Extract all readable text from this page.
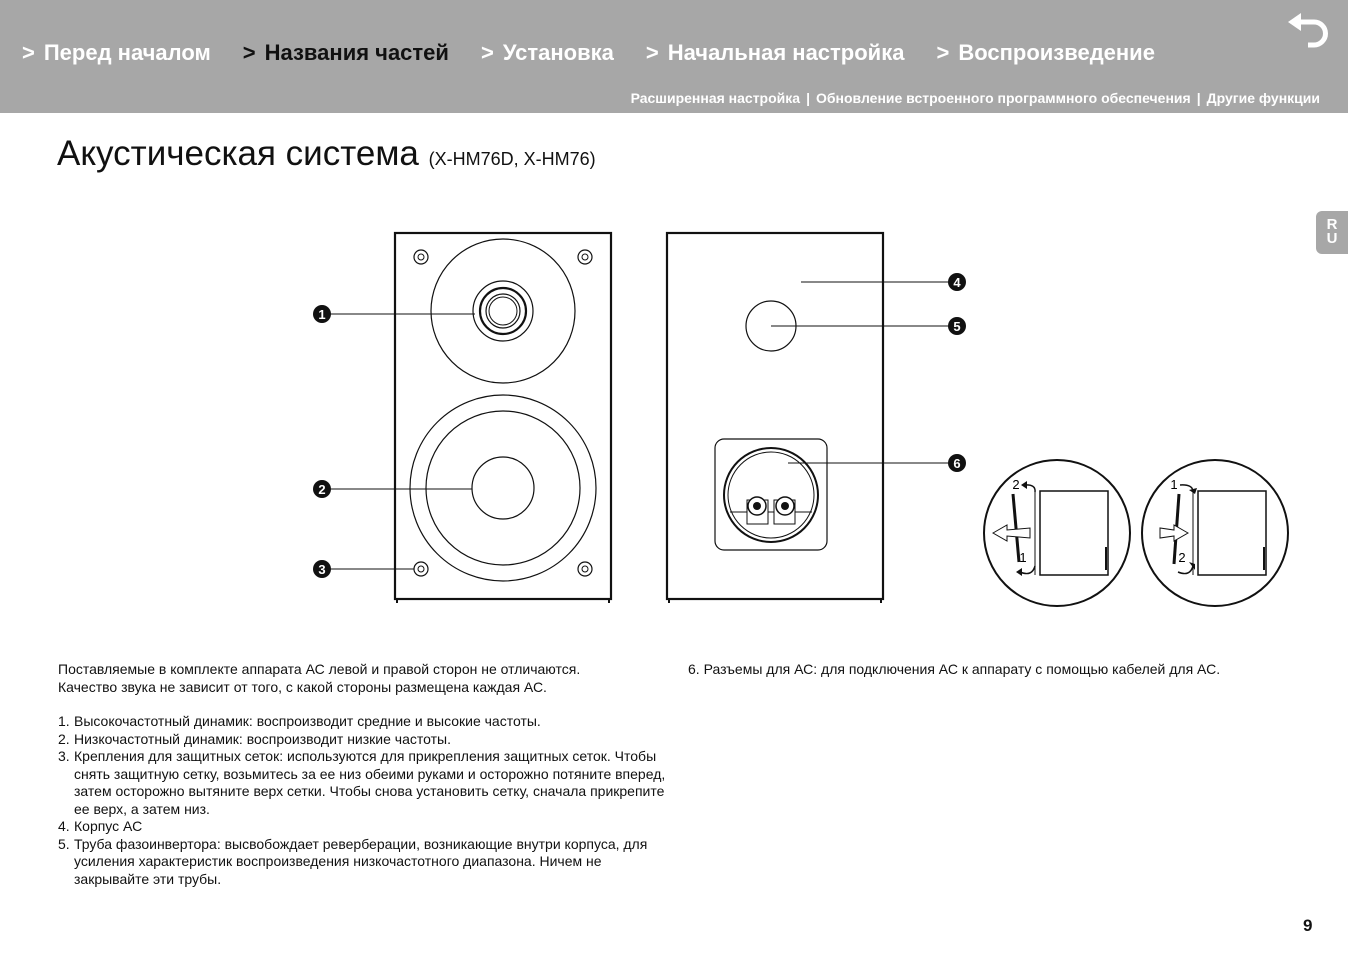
> Перед началом > Названия частей > Установка > Начальная настройка > Воспроизведение
Расширенная настройка | Обновление встроенного программного обеспечения | Другие функции
R
U
Акустическая система (X-HM76D, X-HM76)
1
2
3
4
5
6
2
1
1
2
Поставляемые в комплекте аппарата АС левой и правой сторон не отличаются.
Качество звука не зависит от того, с какой стороны размещена каждая АС.
1. Высокочастотный динамик: воспроизводит средние и высокие частоты.
2. Низкочастотный динамик: воспроизводит низкие частоты.
3. Крепления для защитных сеток: используются для прикрепления защитных сеток. Чтобы снять защитную сетку, возьмитесь за ее низ обеими руками и осторожно потяните вперед, затем осторожно вытяните верх сетки. Чтобы снова установить сетку, сначала прикрепите ее верх, а затем низ.
4. Корпус АС
5. Труба фазоинвертора: высвобождает реверберации, возникающие внутри корпуса, для усиления характеристик воспроизведения низкочастотного диапазона. Ничем не закрывайте эти трубы.
6. Разъемы для АС: для подключения АС к аппарату с помощью кабелей для АС.
9
